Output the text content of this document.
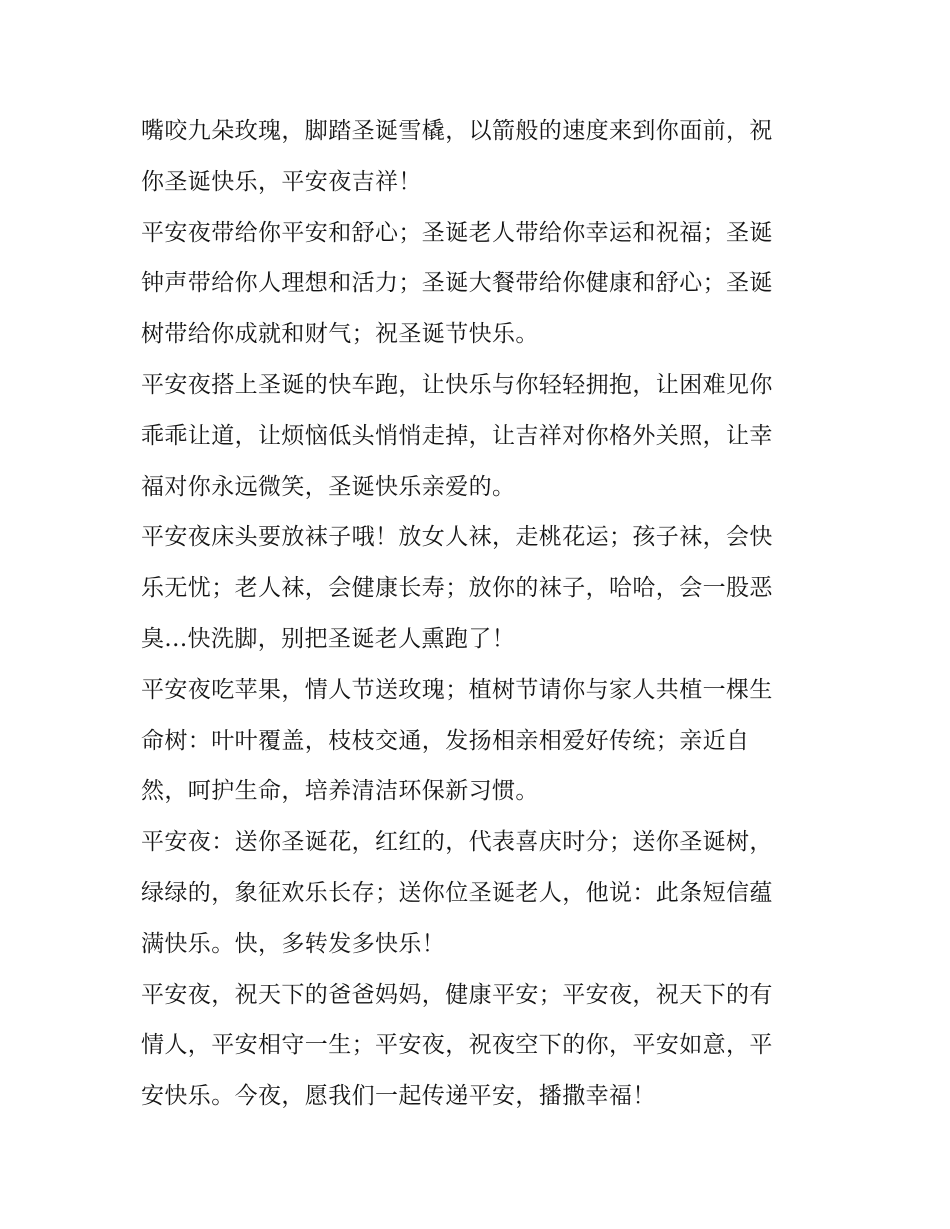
嘴咬九朵玫瑰，脚踏圣诞雪橇，以箭般的速度来到你面前，祝
你圣诞快乐，平安夜吉祥！
平安夜带给你平安和舒心；圣诞老人带给你幸运和祝福；圣诞
钟声带给你人理想和活力；圣诞大餐带给你健康和舒心；圣诞
树带给你成就和财气；祝圣诞节快乐。
平安夜搭上圣诞的快车跑，让快乐与你轻轻拥抱，让困难见你
乖乖让道，让烦恼低头悄悄走掉，让吉祥对你格外关照，让幸
福对你永远微笑，圣诞快乐亲爱的。
平安夜床头要放袜子哦！放女人袜，走桃花运；孩子袜，会快
乐无忧；老人袜，会健康长寿；放你的袜子，哈哈，会一股恶
臭...快洗脚，别把圣诞老人熏跑了！
平安夜吃苹果，情人节送玫瑰；植树节请你与家人共植一棵生
命树：叶叶覆盖，枝枝交通，发扬相亲相爱好传统；亲近自
然，呵护生命，培养清洁环保新习惯。
平安夜：送你圣诞花，红红的，代表喜庆时分；送你圣诞树，
绿绿的，象征欢乐长存；送你位圣诞老人，他说：此条短信蕴
满快乐。快，多转发多快乐！
平安夜，祝天下的爸爸妈妈，健康平安；平安夜，祝天下的有
情人，平安相守一生；平安夜，祝夜空下的你，平安如意，平
安快乐。今夜，愿我们一起传递平安，播撒幸福！
